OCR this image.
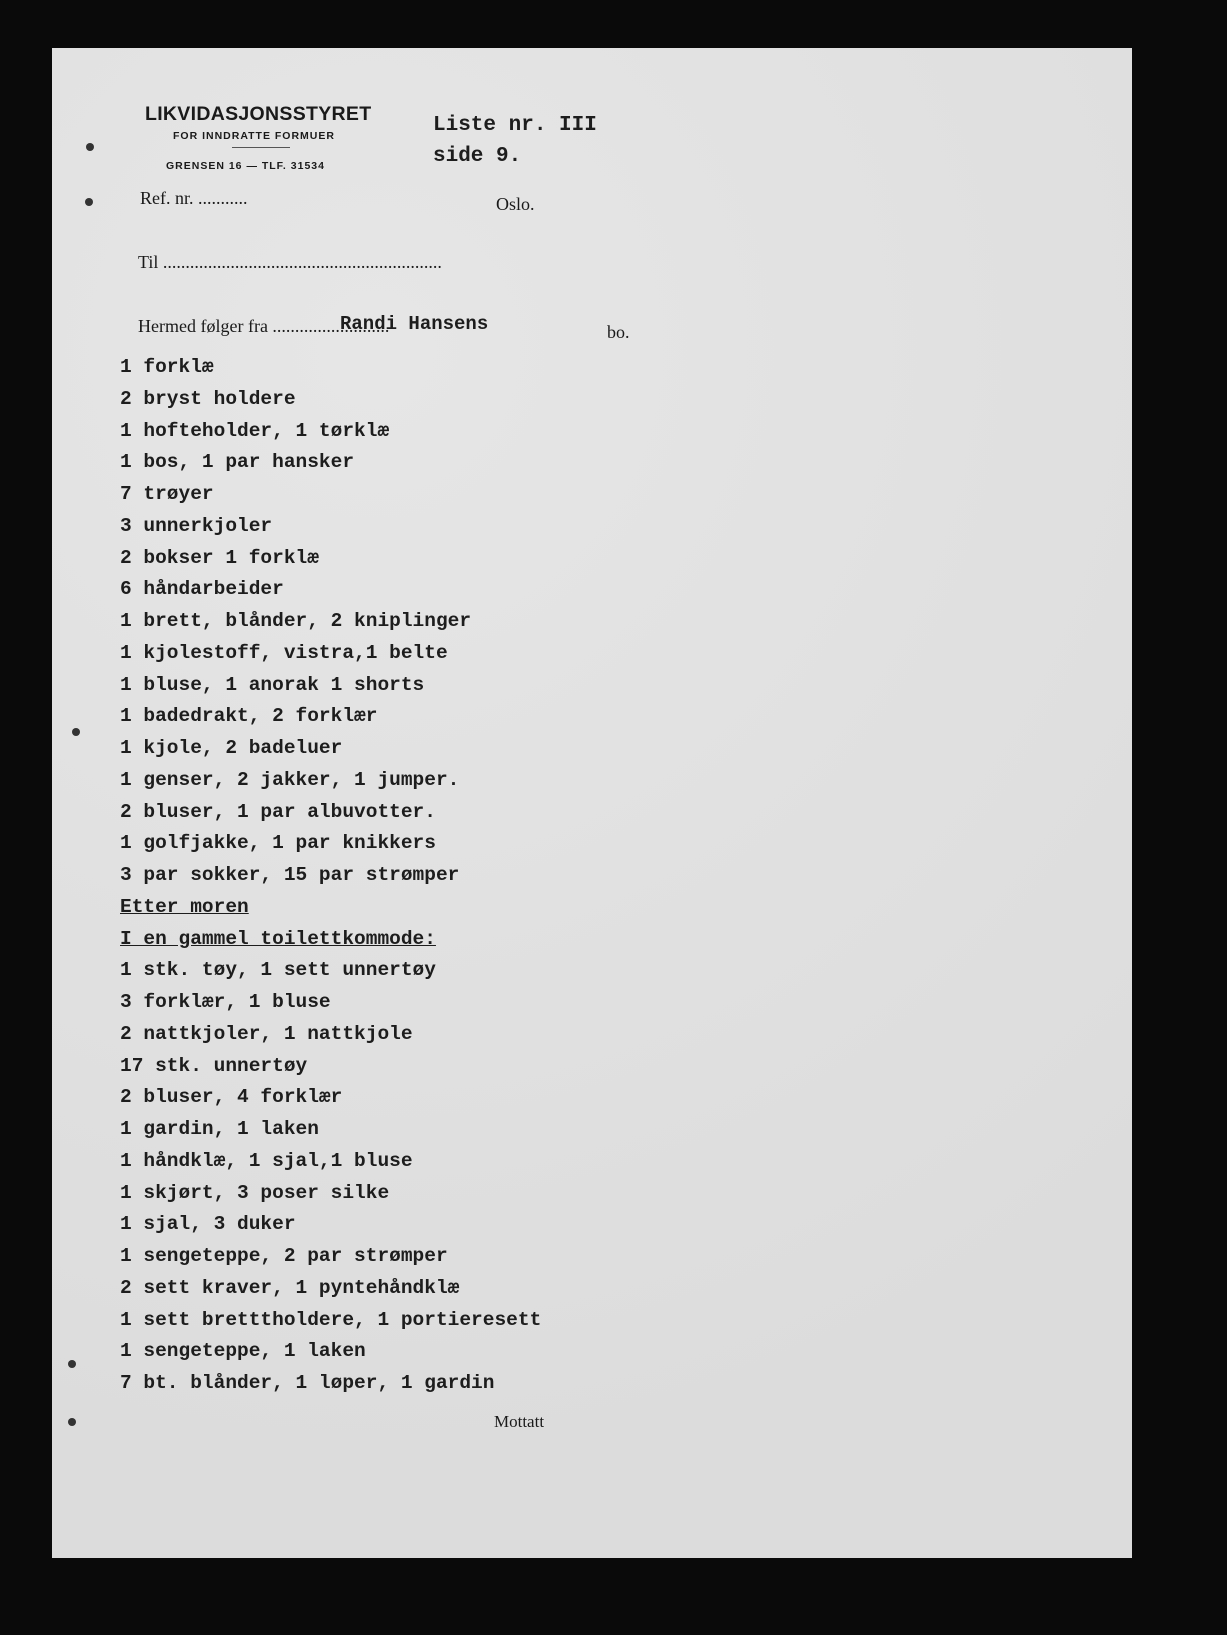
LIKVIDASJONSSTYRET
FOR INNDRATTE FORMUER
GRENSEN 16 — TLF. 31534
Liste nr. III
side 9.
Ref. nr. ...........	Oslo.
Til ..............................................................
Hermed følger fra ..........................
Randi Hansens	bo.
1 forklæ
2 bryst holdere
1 hofteholder, 1 tørklæ
1 bos, 1 par hansker
7 trøyer
3 unnerkjoler
2 bokser 1 forklæ
6 håndarbeider
1 brett, blånder, 2 kniplinger
1 kjolestoff, vistra,1 belte
1 bluse, 1 anorak 1 shorts
1 badedrakt, 2 forklær
1 kjole, 2 badeluer
1 genser, 2 jakker, 1 jumper.
2 bluser, 1 par albuvotter.
1 golfjakke, 1 par knikkers
3 par sokker, 15 par strømper
Etter moren
I en gammel toilettkommode:
1 stk. tøy, 1 sett unnertøy
3 forklær, 1 bluse
2 nattkjoler, 1 nattkjole
17 stk. unnertøy
2 bluser, 4 forklær
1 gardin, 1 laken
1 håndklæ, 1 sjal,1 bluse
1 skjørt, 3 poser silke
1 sjal, 3 duker
1 sengeteppe, 2 par strømper
2 sett kraver, 1 pyntehåndklæ
1 sett bretttholdere, 1 portieresett
1 sengeteppe, 1 laken
7 bt. blånder, 1 løper, 1 gardin
Mottatt
